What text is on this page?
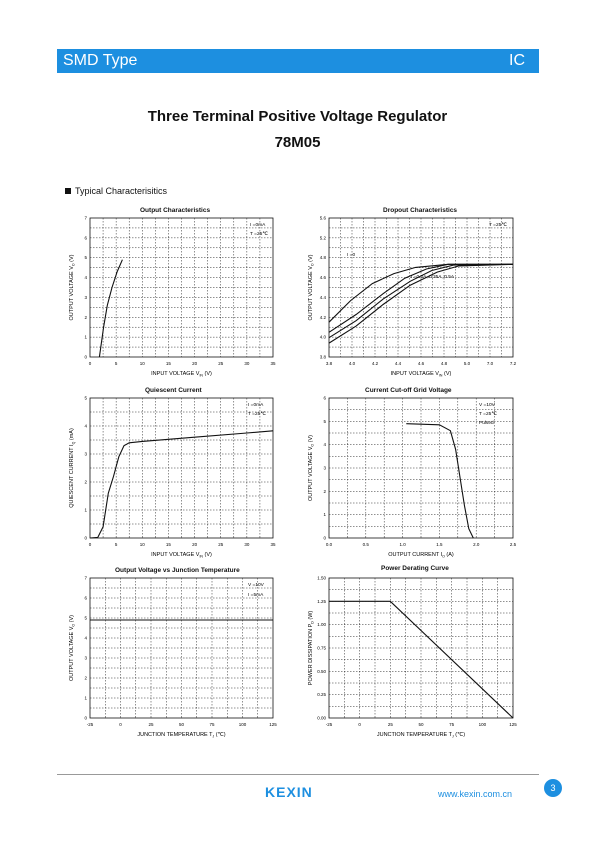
SMD Type	IC
Three Terminal Positive Voltage Regulator
78M05
Typical Characterisitics
0	5	10	15	20	25	30	35
0
1
2
3
4
5
6
7
INPUT VOLTAGE $V_{IN}$ (V)
OUTPUT VOLTAGE $V_O$ (V)
I =0mA
T =25℃
Output Characteristics
3.8	4.0	4.2	4.4	4.6	4.8	5.0	7.0	7.2
3.8
4.0
4.2
4.4
4.6
4.8
5.2
5.6
INPUT VOLTAGE $V_{IN}$ (V)
OUTPUT VOLTAGE $V_O$ (V)
T =25℃
I =0
I =0.2A, 0.35A, 0.5A
Dropout Characteristics
0	5	10	15	20	25	30	35
0
1
2
3
4
5
INPUT VOLTAGE $V_{IN}$ (V)
QUIESCENT CURRENT $I_Q$ (mA)
I =0mA
T =25℃
Quiescent Current
0.0	0.5	1.0	1.5	2.0	2.5
0
1
2
3
4
5
6
OUTPUT CURRENT $I_O$ (A)
OUTPUT VOLTAGE $V_O$ (V)
V =10V
T =25℃
Pulsed
Current Cut-off Grid Voltage
-25	0	25	50	75	100	125
0
1
2
3
4
5
6
7
JUNCTION TEMPERATURE $T_J$ (℃)
OUTPUT VOLTAGE $V_O$ (V)
V =10V
I =5mA
Output Voltage vs Junction Temperature
-25	0	25	50	75	100	125
0.00
0.25
0.50
0.75
1.00
1.25
1.50
JUNCTION TEMPERATURE $T_J$ (℃)
POWER DISSIPATION $P_D$ (W)
Power Derating Curve
KEXIN	www.kexin.com.cn
3
